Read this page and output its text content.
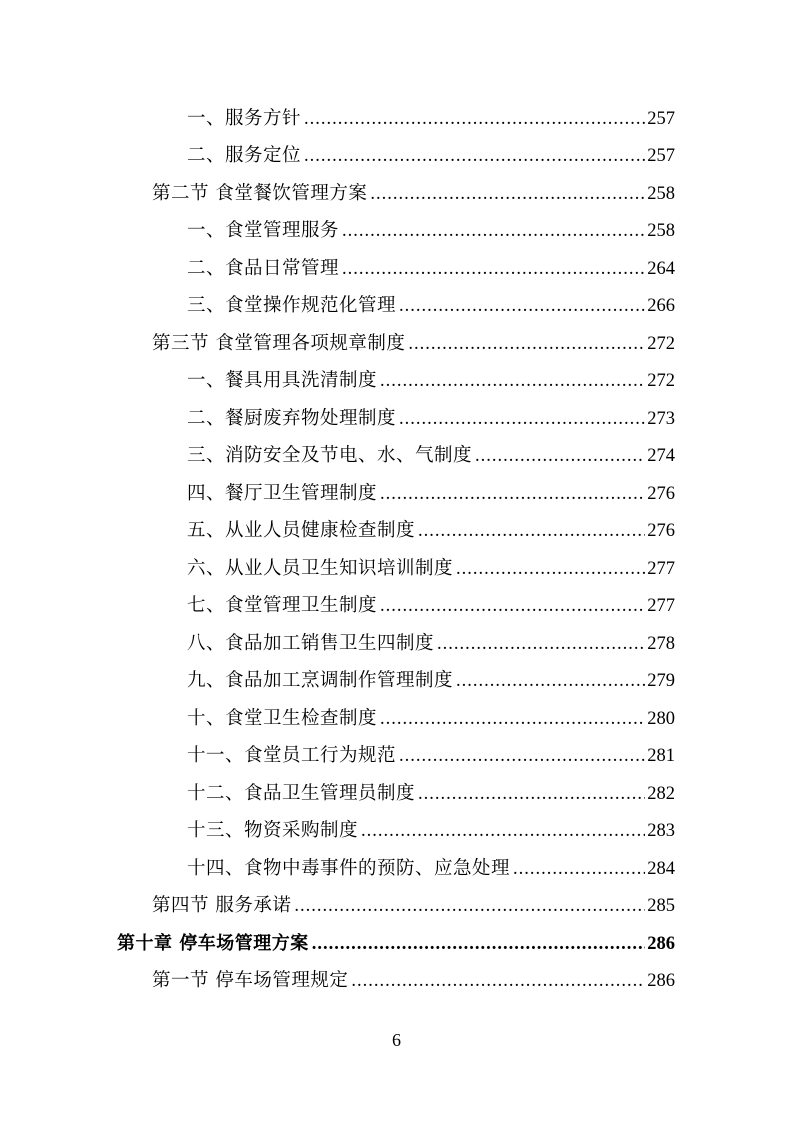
一、服务方针 .....	257
二、服务定位 .....	257
第二节 食堂餐饮管理方案 .....	258
一、食堂管理服务 .....	258
二、食品日常管理 .....	264
三、食堂操作规范化管理 .....	266
第三节 食堂管理各项规章制度 .....	272
一、餐具用具洗清制度 .....	272
二、餐厨废弃物处理制度 .....	273
三、消防安全及节电、水、气制度 .....	274
四、餐厅卫生管理制度 .....	276
五、从业人员健康检查制度 .....	276
六、从业人员卫生知识培训制度 .....	277
七、食堂管理卫生制度 .....	277
八、食品加工销售卫生四制度 .....	278
九、食品加工烹调制作管理制度 .....	279
十、食堂卫生检查制度 .....	280
十一、食堂员工行为规范 .....	281
十二、食品卫生管理员制度 .....	282
十三、物资采购制度 .....	283
十四、食物中毒事件的预防、应急处理 .....	284
第四节 服务承诺 .....	285
第十章 停车场管理方案 .....	286
第一节 停车场管理规定 .....	286
6
